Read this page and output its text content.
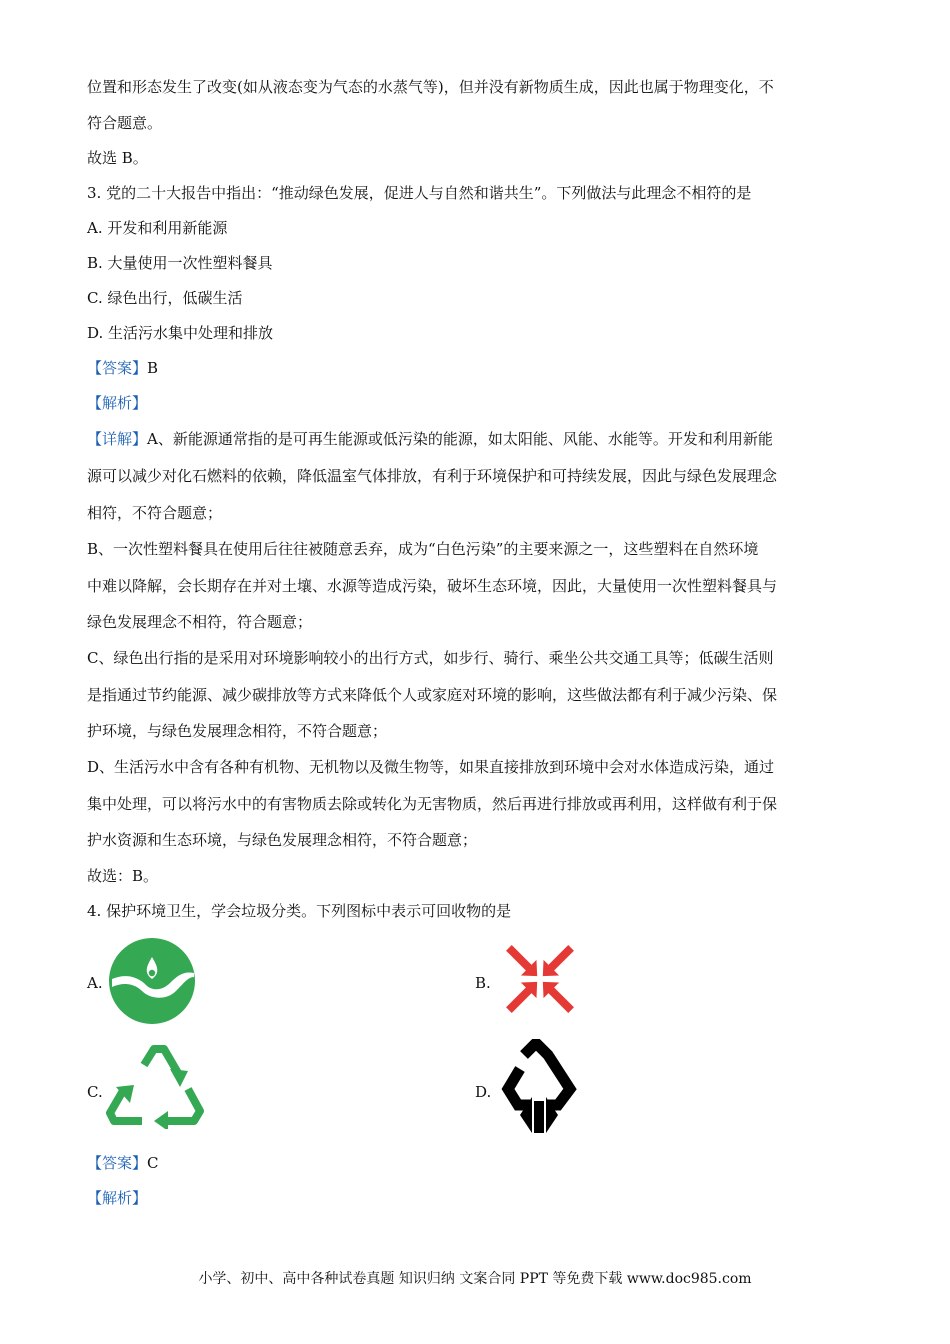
位置和形态发生了改变(如从液态变为气态的水蒸气等)，但并没有新物质生成，因此也属于物理变化，不
符合题意。
故选 B。
3. 党的二十大报告中指出：“推动绿色发展，促进人与自然和谐共生”。下列做法与此理念不相符的是
A. 开发和利用新能源
B. 大量使用一次性塑料餐具
C. 绿色出行，低碳生活
D. 生活污水集中处理和排放
【答案】B
【解析】
【详解】A、新能源通常指的是可再生能源或低污染的能源，如太阳能、风能、水能等。开发和利用新能
源可以减少对化石燃料的依赖，降低温室气体排放，有利于环境保护和可持续发展，因此与绿色发展理念
相符，不符合题意；
B、一次性塑料餐具在使用后往往被随意丢弃，成为“白色污染”的主要来源之一，这些塑料在自然环境
中难以降解，会长期存在并对土壤、水源等造成污染，破坏生态环境，因此，大量使用一次性塑料餐具与
绿色发展理念不相符，符合题意；
C、绿色出行指的是采用对环境影响较小的出行方式，如步行、骑行、乘坐公共交通工具等；低碳生活则
是指通过节约能源、减少碳排放等方式来降低个人或家庭对环境的影响，这些做法都有利于减少污染、保
护环境，与绿色发展理念相符，不符合题意；
D、生活污水中含有各种有机物、无机物以及微生物等，如果直接排放到环境中会对水体造成污染，通过
集中处理，可以将污水中的有害物质去除或转化为无害物质，然后再进行排放或再利用，这样做有利于保
护水资源和生态环境，与绿色发展理念相符，不符合题意；
故选：B。
4. 保护环境卫生，学会垃圾分类。下列图标中表示可回收物的是
A.	B.
C.	D.
【答案】C
【解析】
小学、初中、高中各种试卷真题 知识归纳 文案合同 PPT 等免费下载 www.doc985.com
